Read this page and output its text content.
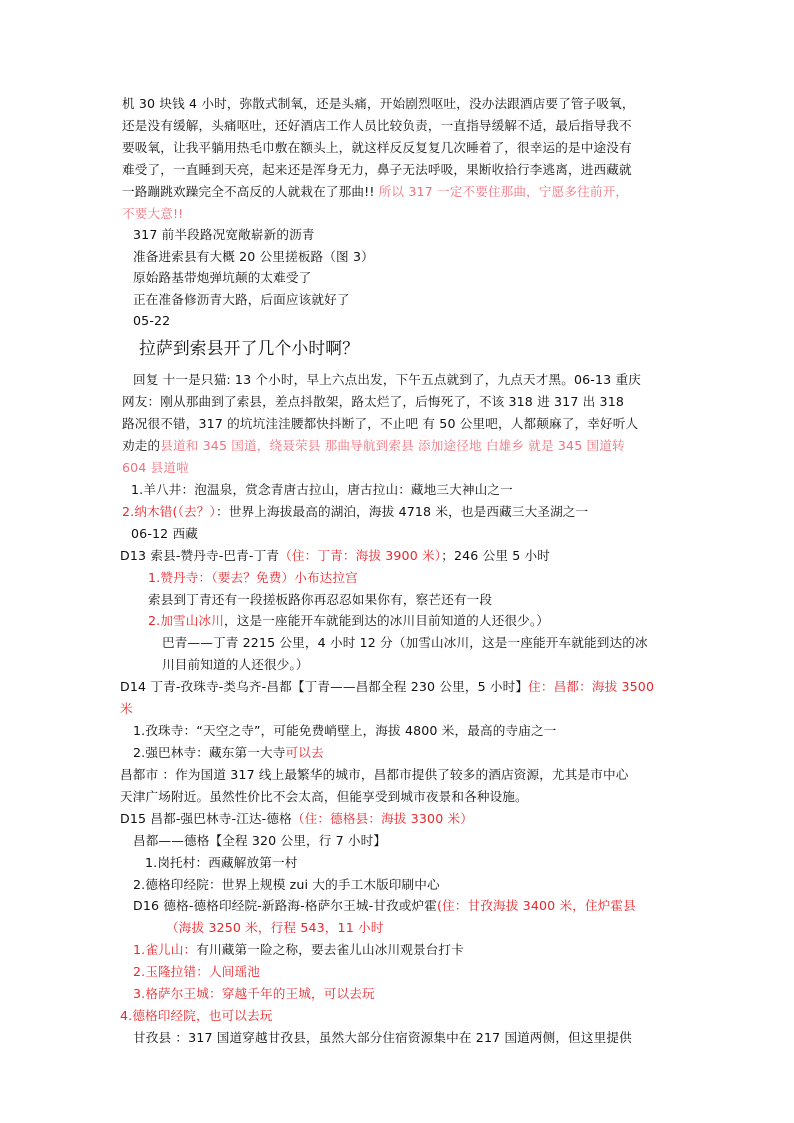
机 30 块钱 4 小时，弥散式制氧，还是头痛，开始剧烈呕吐，没办法跟酒店要了管子吸氧，
还是没有缓解，头痛呕吐，还好酒店工作人员比较负责，一直指导缓解不适，最后指导我不
要吸氧，让我平躺用热毛巾敷在额头上，就这样反反复复几次睡着了，很幸运的是中途没有
难受了，一直睡到天亮，起来还是浑身无力，鼻子无法呼吸，果断收拾行李逃离，进西藏就
一路蹦跳欢躁完全不高反的人就栽在了那曲!! 所以 317 一定不要住那曲，宁愿多往前开，
不要大意!!
317 前半段路况宽敞崭新的沥青
准备进索县有大概 20 公里搓板路（图 3）
原始路基带炮弹坑颠的太难受了
正在准备修沥青大路，后面应该就好了
05-22
拉萨到索县开了几个小时啊？
回复 十一是只猫: 13 个小时，早上六点出发，下午五点就到了，九点天才黑。06-13 重庆
网友：刚从那曲到了索县，差点抖散架，路太烂了，后悔死了，不该 318 进 317 出 318
路况很不错，317 的坑坑洼洼腰都快抖断了，不止吧 有 50 公里吧，人都颠麻了，幸好听人
劝走的县道和 345 国道，绕聂荣县 那曲导航到索县 添加途径地 白雄乡 就是 345 国道转
604 县道啦
1.羊八井：泡温泉，赏念青唐古拉山，唐古拉山：藏地三大神山之一
2.纳木错(（去？）：世界上海拔最高的湖泊，海拔 4718 米，也是西藏三大圣湖之一
06-12 西藏
D13 索县-赞丹寺-巴青-丁青（住：丁青：海拔 3900 米）；246 公里 5 小时
1.赞丹寺：（要去？免费）小布达拉宫
索县到丁青还有一段搓板路你再忍忍如果你有，察芒还有一段
2.加雪山冰川，这是一座能开车就能到达的冰川目前知道的人还很少。）
巴青——丁青 2215 公里，4 小时 12 分（加雪山冰川，这是一座能开车就能到达的冰
川目前知道的人还很少。）
D14 丁青-孜珠寺-类乌齐-昌都【丁青——昌都全程 230 公里，5 小时】住：昌都：海拔 3500
米
1.孜珠寺：“天空之寺”，可能免费峭壁上，海拔 4800 米，最高的寺庙之一
2.强巴林寺：藏东第一大寺可以去
昌都市 ：作为国道 317 线上最繁华的城市，昌都市提供了较多的酒店资源，尤其是市中心
天津广场附近。虽然性价比不会太高，但能享受到城市夜景和各种设施。
D15 昌都-强巴林寺-江达-德格（住：德格县：海拔 3300 米）
昌都——德格【全程 320 公里，行 7 小时】
1.岗托村：西藏解放第一村
2.德格印经院：世界上规模 zui 大的手工木版印刷中心
D16 德格-德格印经院-新路海-格萨尔王城-甘孜或炉霍(住：甘孜海拔 3400 米，住炉霍县
（海拔 3250 米，行程 543，11 小时
1.雀儿山：有川藏第一险之称，要去雀儿山冰川观景台打卡
2.玉隆拉错：人间瑶池
3.格萨尔王城：穿越千年的王城，可以去玩
4.德格印经院，也可以去玩
甘孜县 ：317 国道穿越甘孜县，虽然大部分住宿资源集中在 217 国道两侧，但这里提供
